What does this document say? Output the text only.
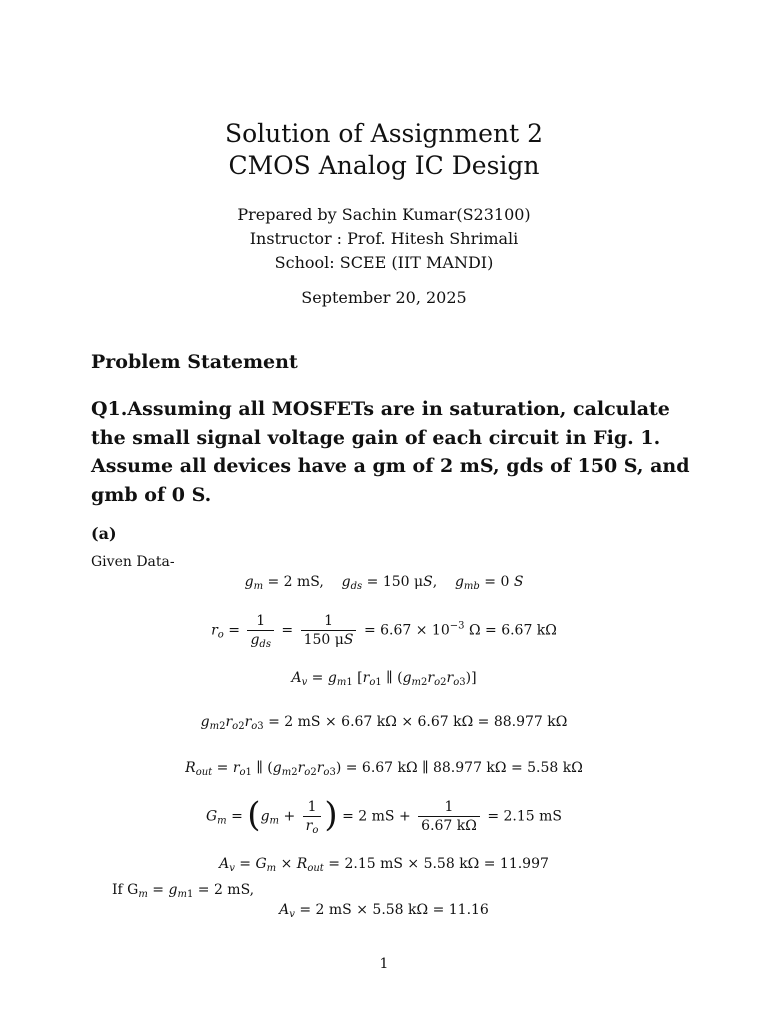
Solution of Assignment 2
CMOS Analog IC Design
Prepared by Sachin Kumar(S23100)
Instructor : Prof. Hitesh Shrimali
School: SCEE (IIT MANDI)
September 20, 2025
Problem Statement
Q1.Assuming all MOSFETs are in saturation, calculate the small signal voltage gain of each circuit in Fig. 1. Assume all devices have a gm of 2 mS, gds of 150 S, and gmb of 0 S.
(a)
Given Data-
$g_m = 2$ mS, $g_{ds} = 150$ μS,    $g_{mb} = 0$ S
$r_o = \frac{1}{g_{ds}} = \frac{1}{150 \mu S} = 6.67 \times 10^{-3}$ Ω = 6.67 kΩ
$A_v = g_{m1}$ [$r_{o1}$ ∥ $(g_{m2}r_{o2}r_{o3})$]
$g_{m2}r_{o2}r_{o3} = 2$ mS × 6.67 kΩ × 6.67 kΩ = 88.977 kΩ
$R_{out} = r_{o1}$ ∥ $(g_{m2}r_{o2}r_{o3}) = 6.67$ kΩ ∥ 88.977 kΩ = 5.58 kΩ
$G_m = (g_m + \frac{1}{r_o}$ ) = 2 mS + $\frac{1}{6.67 k\Omega} = 2.15$ mS
$A_v = G_m \times R_{out} = 2.15$ mS × 5.58 kΩ = 11.997
If $G_m = g_{m1} = 2$ mS,
$A_v = 2$ mS × 5.58 kΩ = 11.16
1
